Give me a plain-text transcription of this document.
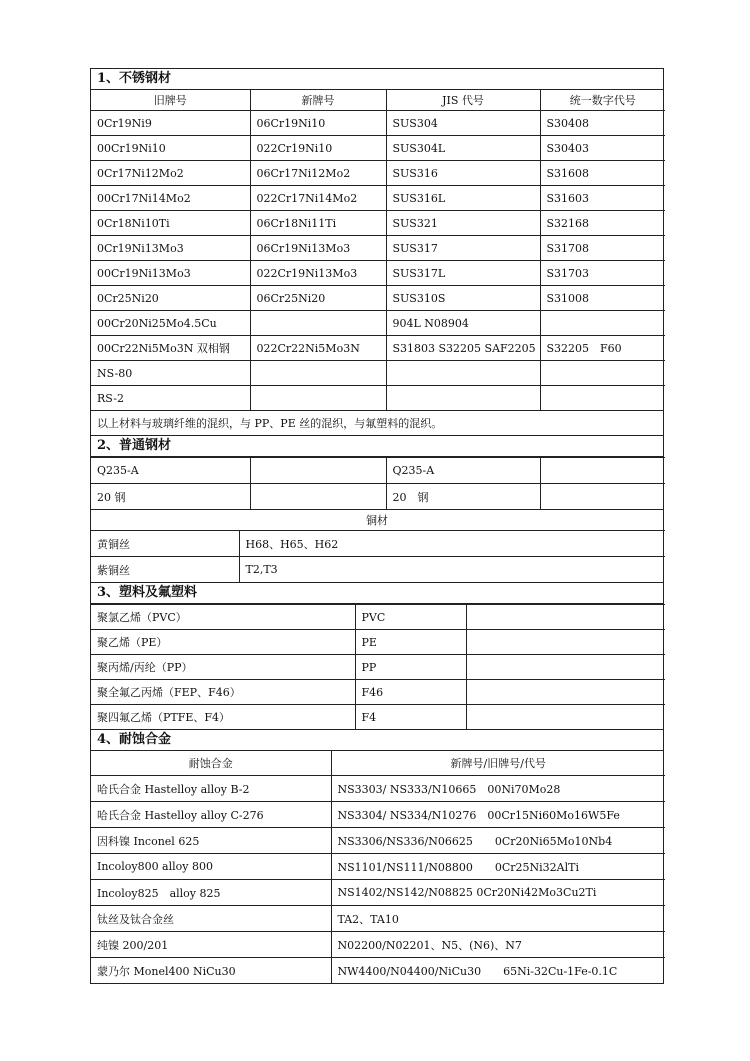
1、不锈钢材
旧牌号	新牌号	JIS 代号	统一数字代号
0Cr19Ni9	06Cr19Ni10	SUS304	S30408
00Cr19Ni10	022Cr19Ni10	SUS304L	S30403
0Cr17Ni12Mo2	06Cr17Ni12Mo2	SUS316	S31608
00Cr17Ni14Mo2	022Cr17Ni14Mo2	SUS316L	S31603
0Cr18Ni10Ti	06Cr18Ni11Ti	SUS321	S32168
0Cr19Ni13Mo3	06Cr19Ni13Mo3	SUS317	S31708
00Cr19Ni13Mo3	022Cr19Ni13Mo3	SUS317L	S31703
0Cr25Ni20	06Cr25Ni20	SUS310S	S31008
00Cr20Ni25Mo4.5Cu		904L N08904	
00Cr22Ni5Mo3N 双相钢	022Cr22Ni5Mo3N	S31803 S32205 SAF2205	S32205　F60
NS-80			
RS-2			
以上材料与玻璃纤维的混织，与 PP、PE 丝的混织，与氟塑料的混织。
2、普通钢材
Q235-A		Q235-A	
20 钢		20　钢	
铜材
黄铜丝	H68、H65、H62
紫铜丝	T2,T3
3、塑料及氟塑料
聚氯乙烯（PVC）	PVC	
聚乙烯（PE）	PE	
聚丙烯/丙纶（PP）	PP	
聚全氟乙丙烯（FEP、F46）	F46	
聚四氟乙烯（PTFE、F4）	F4	
4、耐蚀合金
耐蚀合金	新牌号/旧牌号/代号
哈氏合金 Hastelloy alloy B-2	NS3303/ NS333/N10665　00Ni70Mo28
哈氏合金 Hastelloy alloy C-276	NS3304/ NS334/N10276　00Cr15Ni60Mo16W5Fe
因科镍 Inconel 625	NS3306/NS336/N06625　　0Cr20Ni65Mo10Nb4
Incoloy800 alloy 800	NS1101/NS111/N08800　　0Cr25Ni32AlTi
Incoloy825　alloy 825	NS1402/NS142/N08825 0Cr20Ni42Mo3Cu2Ti
钛丝及钛合金丝	TA2、TA10
纯镍 200/201	N02200/N02201、N5、(N6)、N7
蒙乃尔 Monel400 NiCu30	NW4400/N04400/NiCu30　　65Ni-32Cu-1Fe-0.1C
